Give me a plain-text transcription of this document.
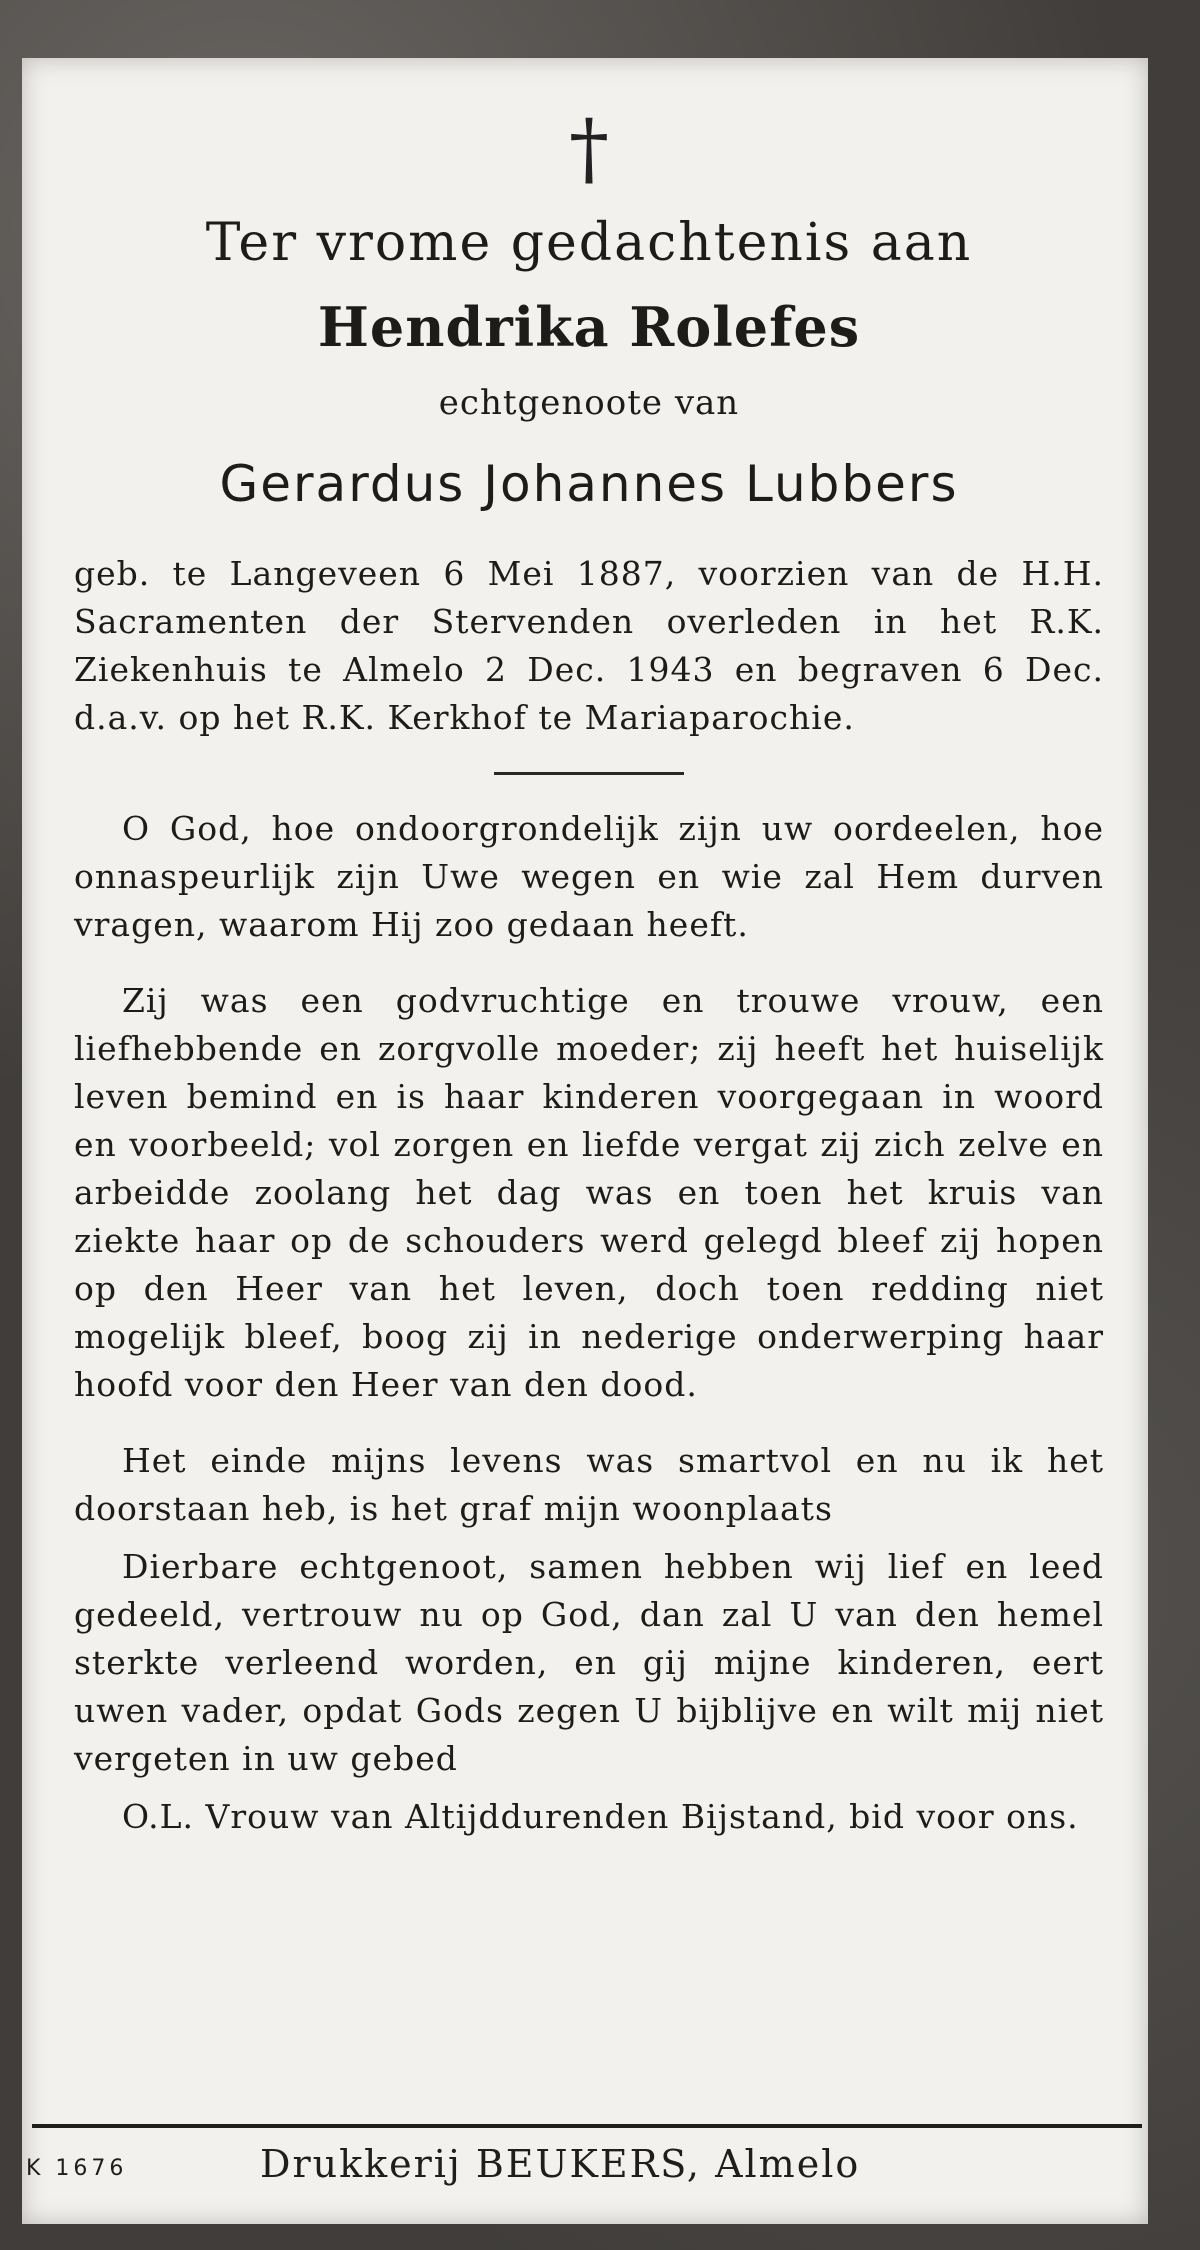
†
Ter vrome gedachtenis aan
Hendrika Rolefes
echtgenoote van
Gerardus Johannes Lubbers
geb. te Langeveen 6 Mei 1887, voorzien van de H.H. Sacramenten der Stervenden overleden in het R.K. Ziekenhuis te Almelo 2 Dec. 1943 en begraven 6 Dec. d.a.v. op het R.K. Kerkhof te Mariaparochie.
O God, hoe ondoorgrondelijk zijn uw oordeelen, hoe onnaspeurlijk zijn Uwe wegen en wie zal Hem durven vragen, waarom Hij zoo gedaan heeft.
Zij was een godvruchtige en trouwe vrouw, een liefhebbende en zorgvolle moeder; zij heeft het huiselijk leven bemind en is haar kinderen voorgegaan in woord en voorbeeld; vol zorgen en liefde vergat zij zich zelve en arbeidde zoolang het dag was en toen het kruis van ziekte haar op de schouders werd gelegd bleef zij hopen op den Heer van het leven, doch toen redding niet mogelijk bleef, boog zij in nederige onderwerping haar hoofd voor den Heer van den dood.
Het einde mijns levens was smartvol en nu ik het doorstaan heb, is het graf mijn woonplaats
Dierbare echtgenoot, samen hebben wij lief en leed gedeeld, vertrouw nu op God, dan zal U van den hemel sterkte verleend worden, en gij mijne kinderen, eert uwen vader, opdat Gods zegen U bijblijve en wilt mij niet vergeten in uw gebed
O.L. Vrouw van Altijddurenden Bijstand, bid voor ons.
K 1676	Drukkerij BEUKERS, Almelo
